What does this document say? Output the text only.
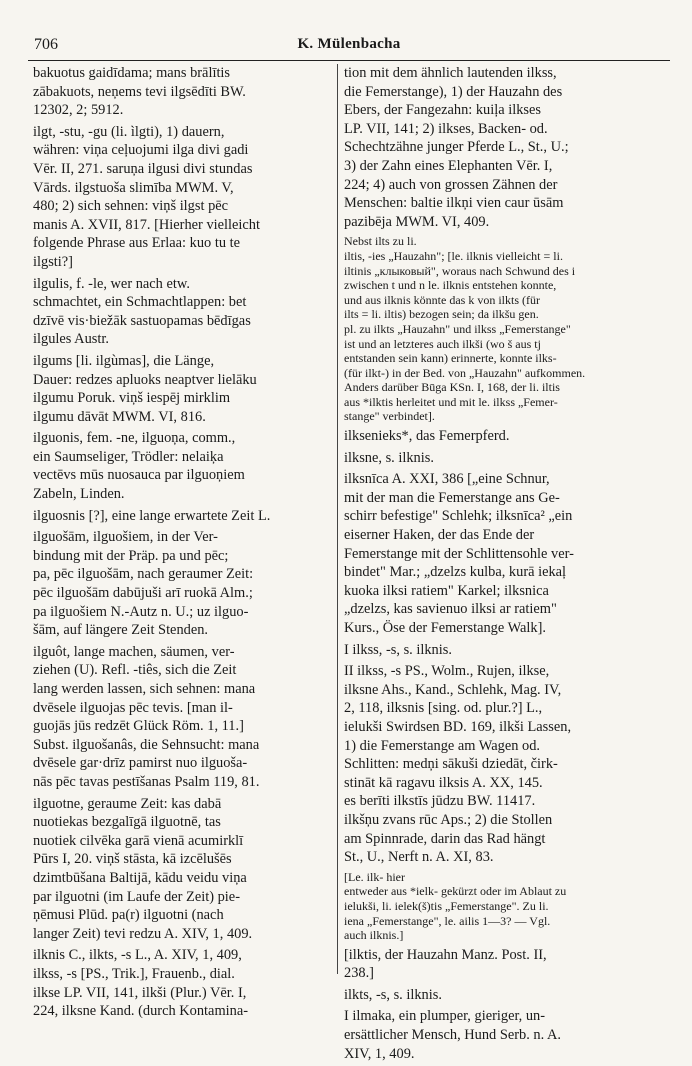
706	K. Mülenbacha
bakuotus gaidīdama; mans brālītis
zābakuots, neņems tevi ilgsēdīti BW.
12302, 2; 5912.
ilgt, -stu, -gu (li. ìlgti), 1) dauern,
währen: viņa ceļuojumi ilga divi gadi
Vēr. II, 271. saruņa ilgusi divi stundas
Vārds. ilgstuoša slimība MWM. V,
480; 2) sich sehnen: viņš ilgst pēc
manis A. XVII, 817. [Hierher vielleicht
folgende Phrase aus Erlaa: kuo tu te
ilgsti?]
ilgulis, f. -le, wer nach etw.
schmachtet, ein Schmachtlappen: bet
dzīvē vis·biežāk sastuopamas bēdīgas
ilgules Austr.
ilgums [li. ilgùmas], die Länge,
Dauer: redzes apluoks neaptver lielāku
ilgumu Poruk. viņš iespēj mirklim
ilgumu dāvāt MWM. VI, 816.
ilguonis, fem. -ne, ilguoņa, comm.,
ein Saumseliger, Trödler: nelaiķa
vectēvs mūs nuosauca par ilguoņiem
Zabeln, Linden.
ilguosnis [?], eine lange erwartete Zeit L.
ilguošām, ilguošiem, in der Ver-
bindung mit der Präp. pa und pēc;
pa, pēc ilguošām, nach geraumer Zeit:
pēc ilguošām dabūjuši arī ruokā Alm.;
pa ilguošiem N.-Autz n. U.; uz ilguo-
šām, auf längere Zeit Stenden.
ilguôt, lange machen, säumen, ver-
ziehen (U). Refl. -tiês, sich die Zeit
lang werden lassen, sich sehnen: mana
dvēsele ilguojas pēc tevis. [man il-
guojās jūs redzēt Glück Röm. 1, 11.]
Subst. ilguošanâs, die Sehnsucht: mana
dvēsele gar·drīz pamirst nuo ilguoša-
nās pēc tavas pestīšanas Psalm 119, 81.
ilguotne, geraume Zeit: kas dabā
nuotiekas bezgalīgā ilguotnē, tas
nuotiek cilvēka garā vienā acumirklī
Pūrs I, 20. viņš stāsta, kā izcēlušēs
dzimtbūšana Baltijā, kādu veidu viņa
par ilguotni (im Laufe der Zeit) pie-
ņēmusi Plūd. pa(r) ilguotni (nach
langer Zeit) tevi redzu A. XIV, 1, 409.
ilknis C., ilkts, -s L., A. XIV, 1, 409,
ilkss, -s [PS., Trik.], Frauenb., dial.
ilkse LP. VII, 141, ilkši (Plur.) Vēr. I,
224, ilksne Kand. (durch Kontamina-
tion mit dem ähnlich lautenden ilkss,
die Femerstange), 1) der Hauzahn des
Ebers, der Fangezahn: kuiļa ilkses
LP. VII, 141; 2) ilkses, Backen- od.
Schechtzähne junger Pferde L., St., U.;
3) der Zahn eines Elephanten Vēr. I,
224; 4) auch von grossen Zähnen der
Menschen: baltie ilkņi vien caur ūsām
pazibēja MWM. VI, 409.
Nebst ilts zu li.
iltis, -ies „Hauzahn"; [le. ilknis vielleicht = li.
iltinis „клыковый", woraus nach Schwund des i
zwischen t und n le. ilknis entstehen konnte,
und aus ilknis könnte das k von ilkts (für
ilts = li. iltis) bezogen sein; da ilkšu gen.
pl. zu ilkts „Hauzahn" und ilkss „Femerstange"
ist und an letzteres auch ilkši (wo š aus tj
entstanden sein kann) erinnerte, konnte ilks-
(für ilkt-) in der Bed. von „Hauzahn" aufkommen.
Anders darüber Būga KSn. I, 168, der li. iltis
aus *ilktis herleitet und mit le. ilkss „Femer-
stange" verbindet].
ilksenieks*, das Femerpferd.
ilksne, s. ilknis.
ilksnīca A. XXI, 386 [„eine Schnur,
mit der man die Femerstange ans Ge-
schirr befestige" Schlehk; ilksnīca² „ein
eiserner Haken, der das Ende der
Femerstange mit der Schlittensohle ver-
bindet" Mar.; „dzelzs kulba, kurā iekaļ
kuoka ilksi ratiem" Karkel; ilksnica
„dzelzs, kas savienuo ilksi ar ratiem"
Kurs., Öse der Femerstange Walk].
I ilkss, -s, s. ilknis.
II ilkss, -s PS., Wolm., Rujen, ilkse,
ilksne Ahs., Kand., Schlehk, Mag. IV,
2, 118, ilksnis [sing. od. plur.?] L.,
ielukši Swirdsen BD. 169, ilkši Lassen,
1) die Femerstange am Wagen od.
Schlitten: medņi sākuši dziedāt, čirk-
stināt kā ragavu ilksis A. XX, 145.
es berīti ilkstīs jūdzu BW. 11417.
ilkšņu zvans rūc Aps.; 2) die Stollen
am Spinnrade, darin das Rad hängt
St., U., Nerft n. A. XI, 83.
[Le. ilk- hier
entweder aus *ielk- gekürzt oder im Ablaut zu
ielukši, li. ielek(š)tis „Femerstange". Zu li.
iena „Femerstange", le. ailis 1—3? — Vgl.
auch ilknis.]
[ilktis, der Hauzahn Manz. Post. II,
238.]
ilkts, -s, s. ilknis.
I ilmaka, ein plumper, gieriger, un-
ersättlicher Mensch, Hund Serb. n. A.
XIV, 1, 409.
